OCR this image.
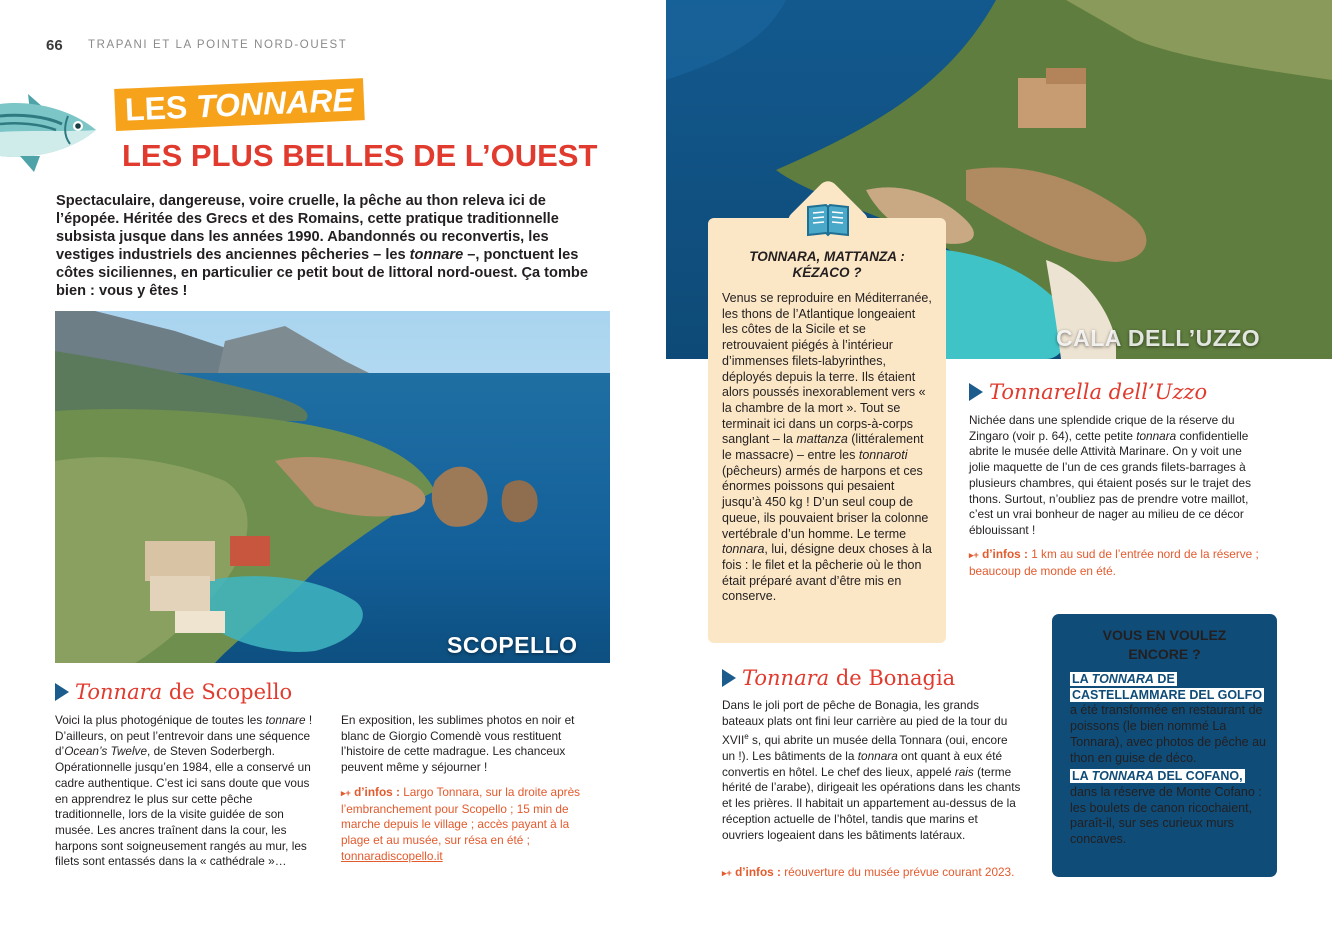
66 TRAPANI ET LA POINTE NORD-OUEST
LES TONNARE
LES PLUS BELLES DE L’OUEST
Spectaculaire, dangereuse, voire cruelle, la pêche au thon releva ici de l’épopée. Héritée des Grecs et des Romains, cette pratique traditionnelle subsista jusque dans les années 1990. Abandonnés ou reconvertis, les vestiges industriels des anciennes pêcheries – les tonnare –, ponctuent les côtes siciliennes, en particulier ce petit bout de littoral nord-ouest. Ça tombe bien : vous y êtes !
SCOPELLO
CALA DELL’UZZO
Tonnara de Scopello
Voici la plus photogénique de toutes les tonnare ! D’ailleurs, on peut l’entrevoir dans une séquence d’Ocean’s Twelve, de Steven Soderbergh. Opérationnelle jusqu’en 1984, elle a conservé un cadre authentique. C’est ici sans doute que vous en apprendrez le plus sur cette pêche traditionnelle, lors de la visite guidée de son musée. Les ancres traînent dans la cour, les harpons sont soigneusement rangés au mur, les filets sont entassés dans la « cathédrale »…
En exposition, les sublimes photos en noir et blanc de Giorgio Comendè vous restituent l’histoire de cette madrague. Les chanceux peuvent même y séjourner !
▸+ d’infos : Largo Tonnara, sur la droite après l’embranchement pour Scopello ; 15 min de marche depuis le village ; accès payant à la plage et au musée, sur résa en été ; tonnaradiscopello.it
TONNARA, MATTANZA :
KÉZACO ?
Venus se reproduire en Méditerranée, les thons de l’Atlantique longeaient les côtes de la Sicile et se retrouvaient piégés à l’intérieur d’immenses filets-labyrinthes, déployés depuis la terre. Ils étaient alors poussés inexorablement vers « la chambre de la mort ». Tout se terminait ici dans un corps-à-corps sanglant – la mattanza (littéralement le massacre) – entre les tonnaroti (pêcheurs) armés de harpons et ces énormes poissons qui pesaient jusqu’à 450 kg ! D’un seul coup de queue, ils pouvaient briser la colonne vertébrale d’un homme. Le terme tonnara, lui, désigne deux choses à la fois : le filet et la pêcherie où le thon était préparé avant d’être mis en conserve.
Tonnarella dell’Uzzo
Nichée dans une splendide crique de la réserve du Zingaro (voir p. 64), cette petite tonnara confidentielle abrite le musée delle Attività Marinare. On y voit une jolie maquette de l’un de ces grands filets-barrages à plusieurs chambres, qui étaient posés sur le trajet des thons. Surtout, n’oubliez pas de prendre votre maillot, c’est un vrai bonheur de nager au milieu de ce décor éblouissant !
▸+ d’infos : 1 km au sud de l’entrée nord de la réserve ; beaucoup de monde en été.
Tonnara de Bonagia
Dans le joli port de pêche de Bonagia, les grands bateaux plats ont fini leur carrière au pied de la tour du XVIIe s, qui abrite un musée della Tonnara (oui, encore un !). Les bâtiments de la tonnara ont quant à eux été convertis en hôtel. Le chef des lieux, appelé rais (terme hérité de l’arabe), dirigeait les opérations dans les chants et les prières. Il habitait un appartement au-dessus de la réception actuelle de l’hôtel, tandis que marins et ouvriers logeaient dans les bâtiments latéraux.
▸+ d’infos : réouverture du musée prévue courant 2023.
VOUS EN VOULEZ
ENCORE ?
LA TONNARA DE
CASTELLAMMARE DEL GOLFO
a été transformée en restaurant de poissons (le bien nommé La Tonnara), avec photos de pêche au thon en guise de déco.
LA TONNARA DEL COFANO, dans la réserve de Monte Cofano : les boulets de canon ricochaient, paraît-il, sur ses curieux murs concaves.
